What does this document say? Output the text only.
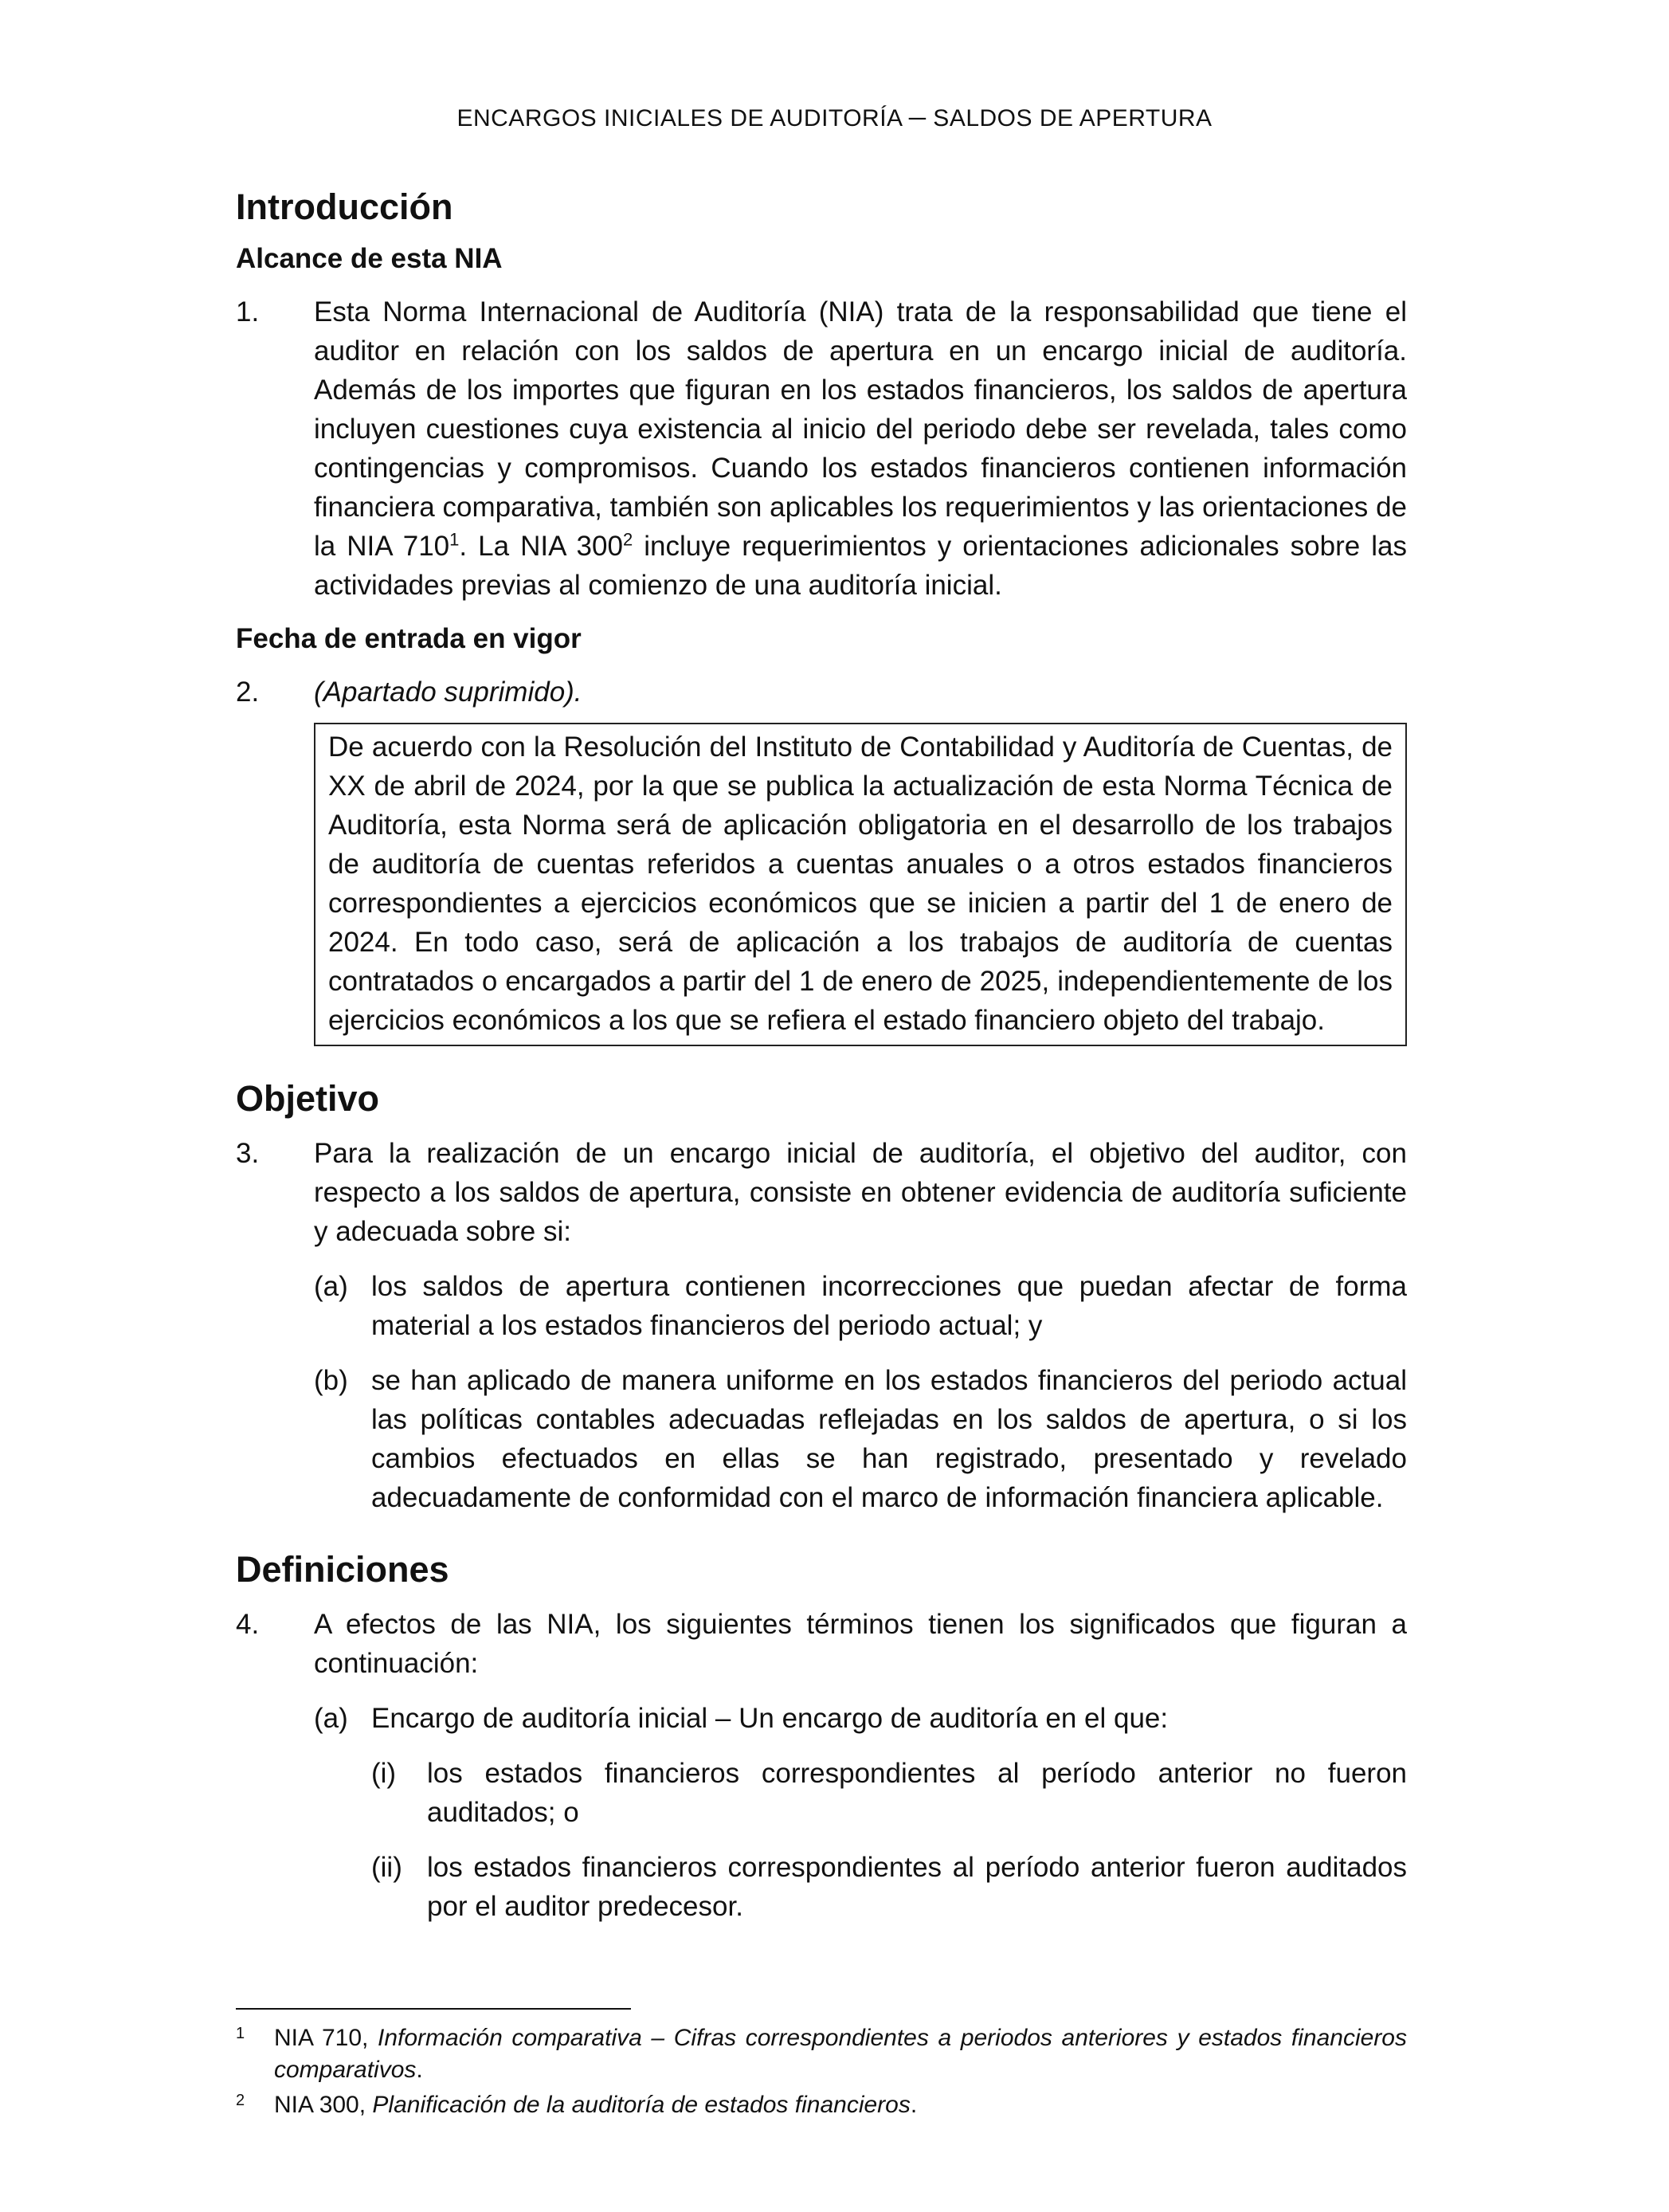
ENCARGOS INICIALES DE AUDITORÍA ─ SALDOS DE APERTURA
Introducción
Alcance de esta NIA
1.	Esta Norma Internacional de Auditoría (NIA) trata de la responsabilidad que tiene el auditor en relación con los saldos de apertura en un encargo inicial de auditoría. Además de los importes que figuran en los estados financieros, los saldos de apertura incluyen cuestiones cuya existencia al inicio del periodo debe ser revelada, tales como contingencias y compromisos. Cuando los estados financieros contienen información financiera comparativa, también son aplicables los requerimientos y las orientaciones de la NIA $710^1$. La NIA $300^2$ incluye requerimientos y orientaciones adicionales sobre las actividades previas al comienzo de una auditoría inicial.
Fecha de entrada en vigor
2.	(Apartado suprimido).
De acuerdo con la Resolución del Instituto de Contabilidad y Auditoría de Cuentas, de XX de abril de 2024, por la que se publica la actualización de esta Norma Técnica de Auditoría, esta Norma será de aplicación obligatoria en el desarrollo de los trabajos de auditoría de cuentas referidos a cuentas anuales o a otros estados financieros correspondientes a ejercicios económicos que se inicien a partir del 1 de enero de 2024. En todo caso, será de aplicación a los trabajos de auditoría de cuentas contratados o encargados a partir del 1 de enero de 2025, independientemente de los ejercicios económicos a los que se refiera el estado financiero objeto del trabajo.
Objetivo
3.	Para la realización de un encargo inicial de auditoría, el objetivo del auditor, con respecto a los saldos de apertura, consiste en obtener evidencia de auditoría suficiente y adecuada sobre si:
(a) los saldos de apertura contienen incorrecciones que puedan afectar de forma material a los estados financieros del periodo actual; y
(b) se han aplicado de manera uniforme en los estados financieros del periodo actual las políticas contables adecuadas reflejadas en los saldos de apertura, o si los cambios efectuados en ellas se han registrado, presentado y revelado adecuadamente de conformidad con el marco de información financiera aplicable.
Definiciones
4.	A efectos de las NIA, los siguientes términos tienen los significados que figuran a continuación:
(a) Encargo de auditoría inicial – Un encargo de auditoría en el que:
(i)	los estados financieros correspondientes al período anterior no fueron auditados; o
(ii) los estados financieros correspondientes al período anterior fueron auditados por el auditor predecesor.
1	NIA 710, Información comparativa – Cifras correspondientes a periodos anteriores y estados financieros comparativos.
2	NIA 300, Planificación de la auditoría de estados financieros.
